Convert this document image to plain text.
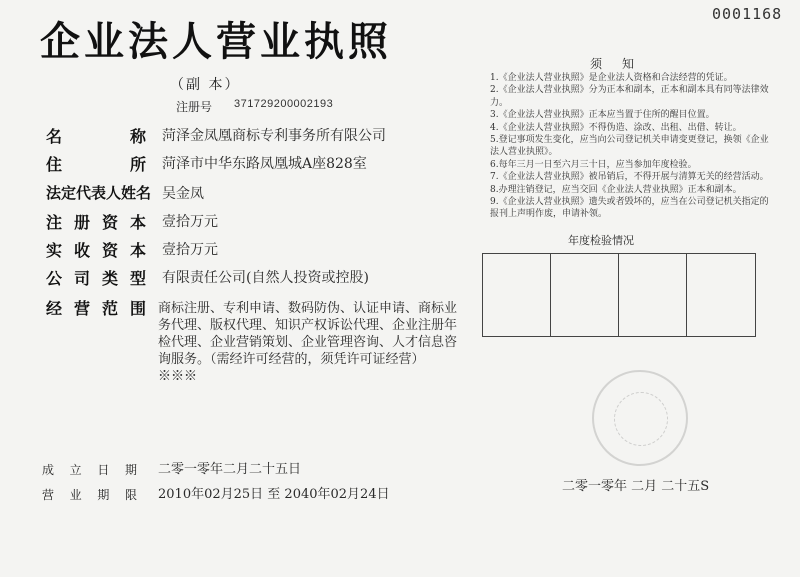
0001168
企业法人营业执照
（副 本）
注册号 371729200002193
名	称 菏泽金凤凰商标专利事务所有限公司
住	所 菏泽市中华东路凤凰城A座828室
法定代表人姓名 吴金凤
注 册 资 本 壹拾万元
实 收 资 本 壹拾万元
公 司 类 型 有限责任公司(自然人投资或控股)
经 营 范 围 商标注册、专利申请、数码防伪、认证申请、商标业务代理、版权代理、知识产权诉讼代理、企业注册年检代理、企业营销策划、企业管理咨询、人才信息咨询服务。（需经许可经营的，须凭许可证经营）※※※
成 立 日 期 二零一零年二月二十五日
营 业 期 限 2010年02月25日 至 2040年02月24日
须知
1.《企业法人营业执照》是企业法人资格和合法经营的凭证。
2.《企业法人营业执照》分为正本和副本，正本和副本具有同等法律效力。
3.《企业法人营业执照》正本应当置于住所的醒目位置。
4.《企业法人营业执照》不得伪造、涂改、出租、出借、转让。
5.登记事项发生变化，应当向公司登记机关申请变更登记，换领《企业法人营业执照》。
6.每年三月一日至六月三十日，应当参加年度检验。
7.《企业法人营业执照》被吊销后，不得开展与清算无关的经营活动。
8.办理注销登记，应当交回《企业法人营业执照》正本和副本。
9.《企业法人营业执照》遗失或者毁坏的，应当在公司登记机关指定的报刊上声明作废，申请补领。
年度检验情况
二零一零年 二月 二十五S
